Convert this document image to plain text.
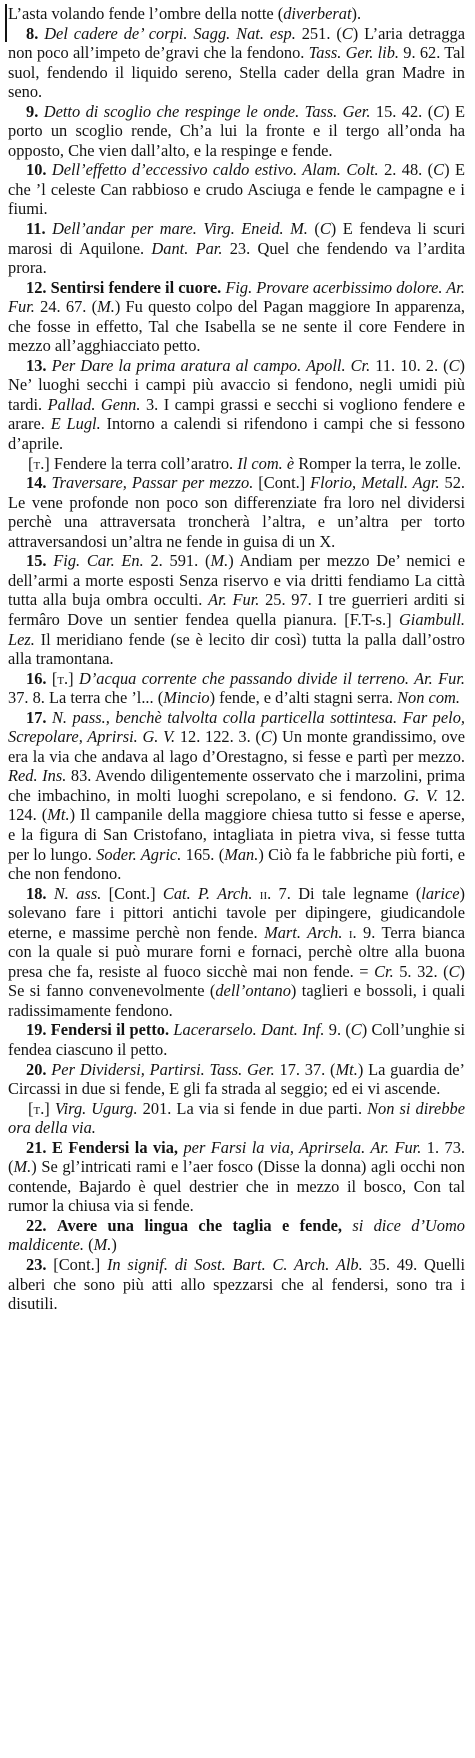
L’asta volando fende l’ombre della notte (diverberat).

8. Del cadere de’ corpi. Sagg. Nat. esp. 251. (C) L’aria detragga non poco all’impeto de’gravi che la fendono. Tass. Ger. lib. 9. 62. Tal suol, fendendo il liquido sereno, Stella cader della gran Madre in seno.

9. Detto di scoglio che respinge le onde. Tass. Ger. 15. 42. (C) E porto un scoglio rende, Ch’a lui la fronte e il tergo all’onda ha opposto, Che vien dall’alto, e la respinge e fende.

10. Dell’effetto d’eccessivo caldo estivo. Alam. Colt. 2. 48. (C) E che ’l celeste Can rabbioso e crudo Asciuga e fende le campagne e i fiumi.

11. Dell’andar per mare. Virg. Eneid. M. (C) E fendeva li scuri marosi di Aquilone. Dant. Par. 23. Quel che fendendo va l’ardita prora.

12. Sentirsi fendere il cuore. Fig. Provare acerbissimo dolore. Ar. Fur. 24. 67. (M.) Fu questo colpo del Pagan maggiore In apparenza, che fosse in effetto, Tal che Isabella se ne sente il core Fendere in mezzo all’agghiacciato petto.

13. Per Dare la prima aratura al campo. Apoll. Cr. 11. 10. 2. (C) Ne’ luoghi secchi i campi più avaccio si fendono, negli umidi più tardi. Pallad. Genn. 3. I campi grassi e secchi si vogliono fendere e arare. E Lugl. Intorno a calendi si rifendono i campi che si fessono d’aprile.

[t.] Fendere la terra coll’aratro. Il com. è Romper la terra, le zolle.

14. Traversare, Passar per mezzo. [Cont.] Florio, Metall. Agr. 52. Le vene profonde non poco son differenziate fra loro nel dividersi perchè una attraversata troncherà l’altra, e un’altra per torto attraversandosi un’altra ne fende in guisa di un X.

15. Fig. Car. En. 2. 591. (M.) Andiam per mezzo De’ nemici e dell’armi a morte esposti Senza riservo e via dritti fendiamo La città tutta alla buja ombra occulti. Ar. Fur. 25. 97. I tre guerrieri arditi si fermâro Dove un sentier fendea quella pianura. [F.T-s.] Giambull. Lez. Il meridiano fende (se è lecito dir così) tutta la palla dall’ostro alla tramontana.

16. [t.] D’acqua corrente che passando divide il terreno. Ar. Fur. 37. 8. La terra che ’l... (Mincio) fende, e d’alti stagni serra. Non com.

17. N. pass., benchè talvolta colla particella sottintesa. Far pelo, Screpolare, Aprirsi. G. V. 12. 122. 3. (C) Un monte grandissimo, ove era la via che andava al lago d’Orestagno, si fesse e partì per mezzo. Red. Ins. 83. Avendo diligentemente osservato che i marzolini, prima che imbachino, in molti luoghi screpolano, e si fendono. G. V. 12. 124. (Mt.) Il campanile della maggiore chiesa tutto si fesse e aperse, e la figura di San Cristofano, intagliata in pietra viva, si fesse tutta per lo lungo. Soder. Agric. 165. (Man.) Ciò fa le fabbriche più forti, e che non fendono.

18. N. ass. [Cont.] Cat. P. Arch. ii. 7. Di tale legname (larice) solevano fare i pittori antichi tavole per dipingere, giudicandole eterne, e massime perchè non fende. Mart. Arch. i. 9. Terra bianca con la quale si può murare forni e fornaci, perchè oltre alla buona presa che fa, resiste al fuoco sicchè mai non fende. = Cr. 5. 32. (C) Se si fanno convenevolmente (dell’ontano) taglieri e bossoli, i quali radissimamente fendono.

19. Fendersi il petto. Lacerarselo. Dant. Inf. 9. (C) Coll’unghie si fendea ciascuno il petto.

20. Per Dividersi, Partirsi. Tass. Ger. 17. 37. (Mt.) La guardia de’ Circassi in due si fende, E gli fa strada al seggio; ed ei vi ascende.

[t.] Virg. Ugurg. 201. La via si fende in due parti. Non si direbbe ora della via.

21. E Fendersi la via, per Farsi la via, Aprirsela. Ar. Fur. 1. 73. (M.) Se gl’intricati rami e l’aer fosco (Disse la donna) agli occhi non contende, Bajardo è quel destrier che in mezzo il bosco, Con tal rumor la chiusa via si fende.

22. Avere una lingua che taglia e fende, si dice d’Uomo maldicente. (M.)

23. [Cont.] In signif. di Sost. Bart. C. Arch. Alb. 35. 49. Quelli alberi che sono più atti allo spezzarsi che al fendersi, sono tra i disutili.
